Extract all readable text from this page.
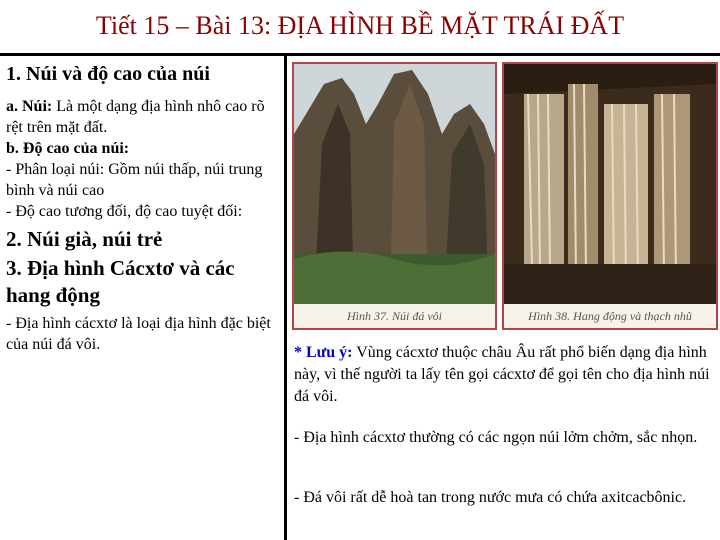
Tiết 15 – Bài 13: ĐỊA HÌNH BỀ MẶT TRÁI ĐẤT
1. Núi và độ cao của núi

a. Núi: Là một dạng địa hình nhô cao rõ rệt trên mặt đất.

b. Độ cao của núi:

- Phân loại núi: Gồm núi thấp, núi trung bình và núi cao

- Độ cao tương đối, độ cao tuyệt đối:

2. Núi già, núi trẻ
3. Địa hình Cácxtơ và các hang động

- Địa hình cácxtơ là loại địa hình đặc biệt của núi đá vôi.

Hình 37. Núi đá vôi	Hình 38. Hang động và thạch nhũ
* Lưu ý: Vùng cácxtơ thuộc châu Âu rất phổ biến dạng địa hình này, vì thế người ta lấy tên gọi cácxtơ để gọi tên cho địa hình núi đá vôi.
- Địa hình cácxtơ thường có các ngọn núi lởm chởm, sắc nhọn.
- Đá vôi rất dễ hoà tan trong nước mưa có chứa axitcacbônic.
